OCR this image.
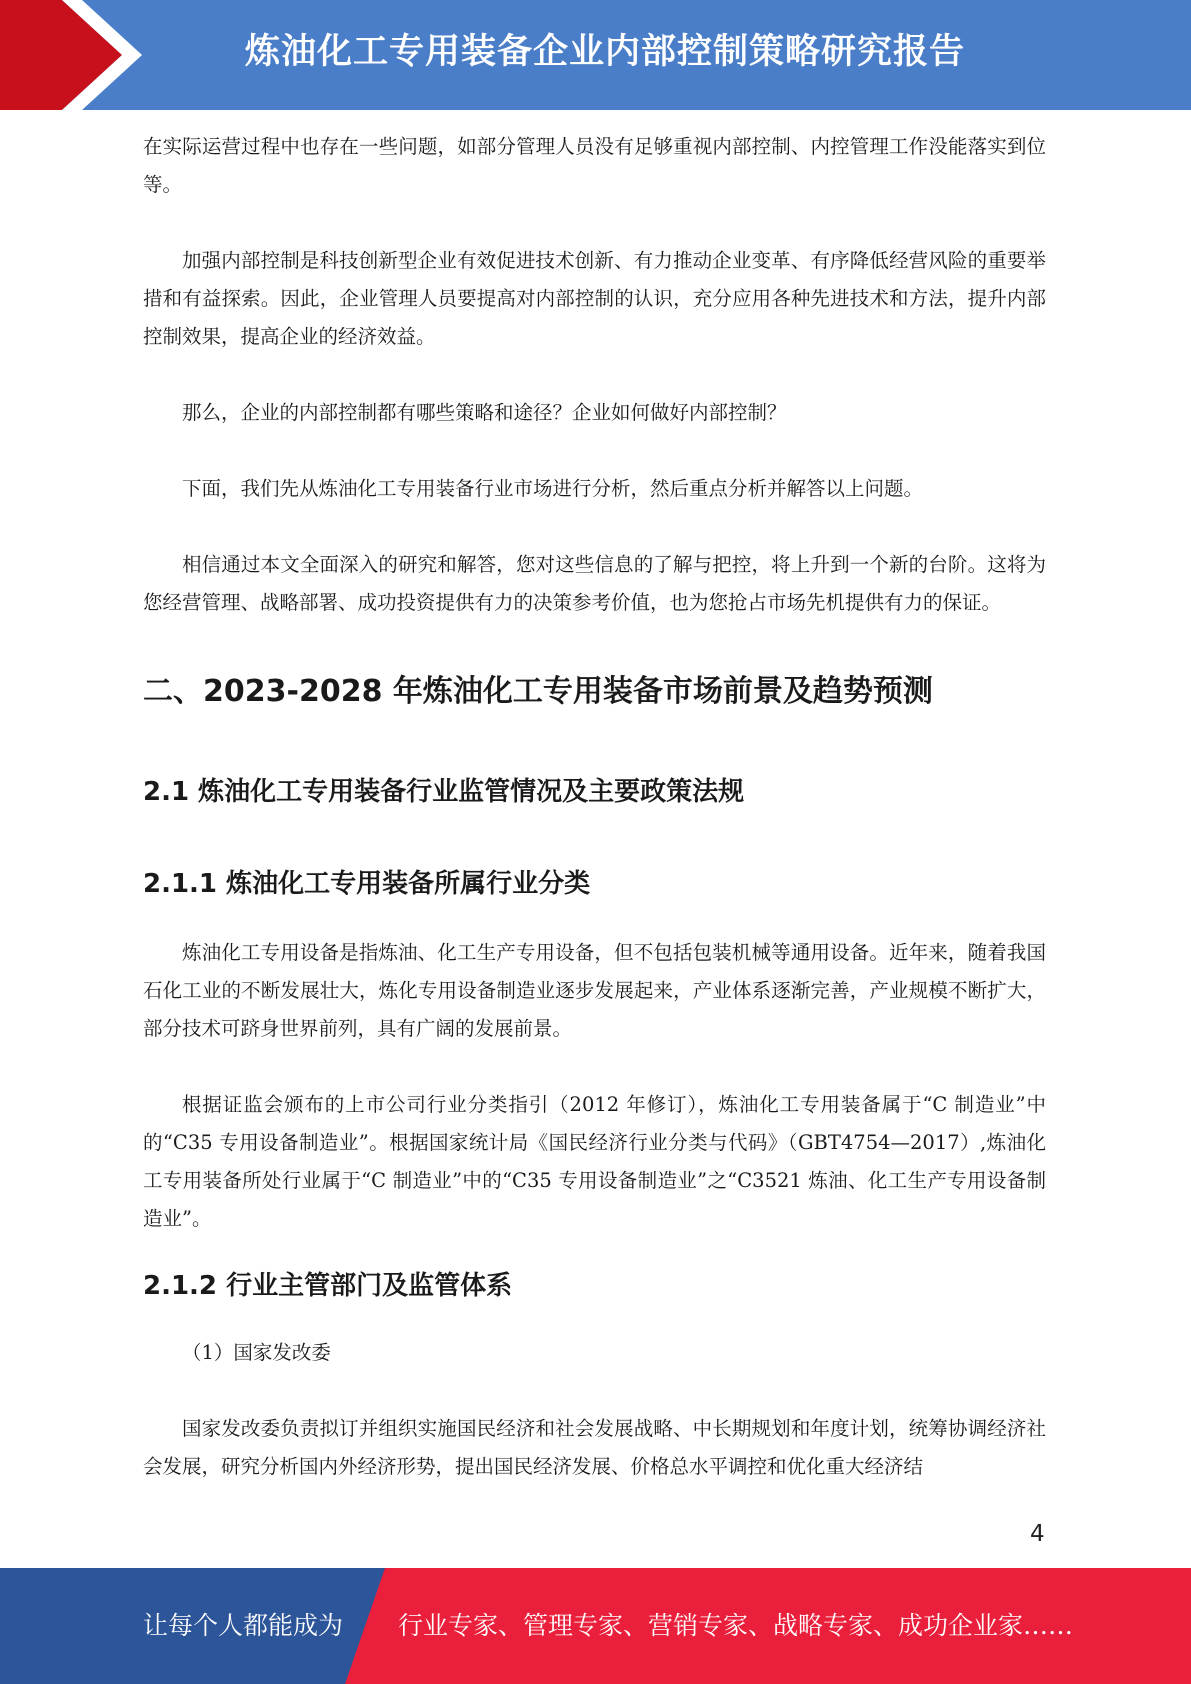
炼油化工专用装备企业内部控制策略研究报告

在实际运营过程中也存在一些问题，如部分管理人员没有足够重视内部控制、内控管理工作没能落实到位等。

加强内部控制是科技创新型企业有效促进技术创新、有力推动企业变革、有序降低经营风险的重要举措和有益探索。因此，企业管理人员要提高对内部控制的认识，充分应用各种先进技术和方法，提升内部控制效果，提高企业的经济效益。

那么，企业的内部控制都有哪些策略和途径？企业如何做好内部控制？

下面，我们先从炼油化工专用装备行业市场进行分析，然后重点分析并解答以上问题。

相信通过本文全面深入的研究和解答，您对这些信息的了解与把控，将上升到一个新的台阶。这将为您经营管理、战略部署、成功投资提供有力的决策参考价值，也为您抢占市场先机提供有力的保证。

二、2023-2028 年炼油化工专用装备市场前景及趋势预测
2.1 炼油化工专用装备行业监管情况及主要政策法规
2.1.1 炼油化工专用装备所属行业分类

炼油化工专用设备是指炼油、化工生产专用设备，但不包括包装机械等通用设备。近年来，随着我国石化工业的不断发展壮大，炼化专用设备制造业逐步发展起来，产业体系逐渐完善，产业规模不断扩大，部分技术可跻身世界前列，具有广阔的发展前景。

根据证监会颁布的上市公司行业分类指引（2012 年修订），炼油化工专用装备属于“C 制造业”中的“C35 专用设备制造业”。根据国家统计局《国民经济行业分类与代码》（GBT4754—2017）,炼油化工专用装备所处行业属于“C 制造业”中的“C35 专用设备制造业”之“C3521 炼油、化工生产专用设备制造业”。

2.1.2 行业主管部门及监管体系

（1）国家发改委

国家发改委负责拟订并组织实施国民经济和社会发展战略、中长期规划和年度计划，统筹协调经济社会发展，研究分析国内外经济形势，提出国民经济发展、价格总水平调控和优化重大经济结

4
让每个人都能成为 行业专家、管理专家、营销专家、战略专家、成功企业家……
